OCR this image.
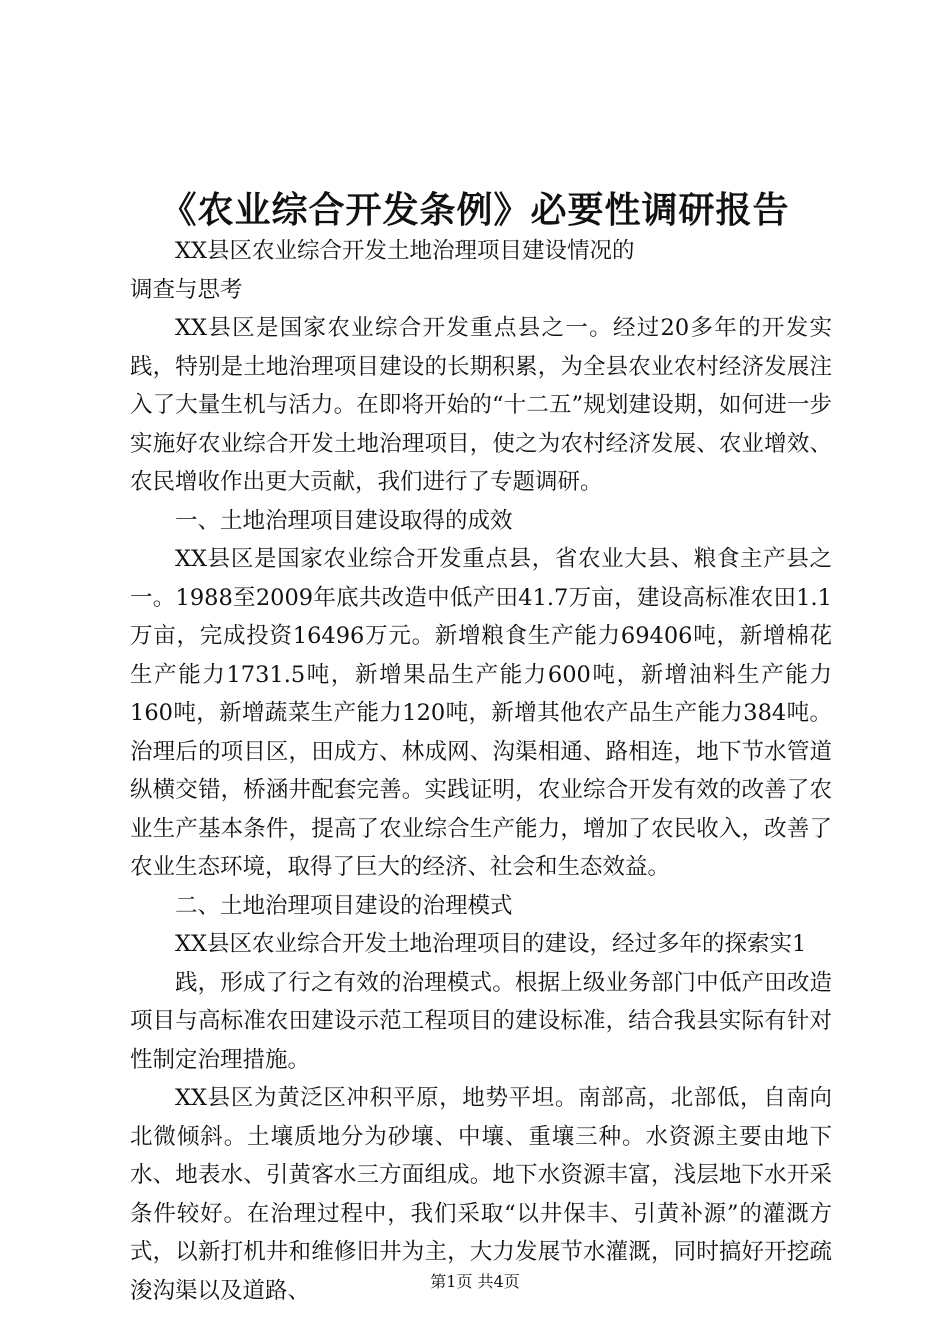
《农业综合开发条例》必要性调研报告

XX县区农业综合开发土地治理项目建设情况的
调查与思考

XX县区是国家农业综合开发重点县之一。经过20多年的开发实践，特别是土地治理项目建设的长期积累，为全县农业农村经济发展注入了大量生机与活力。在即将开始的“十二五”规划建设期，如何进一步实施好农业综合开发土地治理项目，使之为农村经济发展、农业增效、农民增收作出更大贡献，我们进行了专题调研。

一、土地治理项目建设取得的成效

XX县区是国家农业综合开发重点县，省农业大县、粮食主产县之一。1988至2009年底共改造中低产田41.7万亩，建设高标准农田1.1万亩，完成投资16496万元。新增粮食生产能力69406吨，新增棉花生产能力1731.5吨，新增果品生产能力600吨，新增油料生产能力160吨，新增蔬菜生产能力120吨，新增其他农产品生产能力384吨。治理后的项目区，田成方、林成网、沟渠相通、路相连，地下节水管道纵横交错，桥涵井配套完善。实践证明，农业综合开发有效的改善了农业生产基本条件，提高了农业综合生产能力，增加了农民收入，改善了农业生态环境，取得了巨大的经济、社会和生态效益。

二、土地治理项目建设的治理模式

XX县区农业综合开发土地治理项目的建设，经过多年的探索实1

践，形成了行之有效的治理模式。根据上级业务部门中低产田改造项目与高标准农田建设示范工程项目的建设标准，结合我县实际有针对性制定治理措施。

XX县区为黄泛区冲积平原，地势平坦。南部高，北部低，自南向北微倾斜。土壤质地分为砂壤、中壤、重壤三种。水资源主要由地下水、地表水、引黄客水三方面组成。地下水资源丰富，浅层地下水开采条件较好。在治理过程中，我们采取“以井保丰、引黄补源”的灌溉方式，以新打机井和维修旧井为主，大力发展节水灌溉，同时搞好开挖疏浚沟渠以及道路、	第1页 共4页
